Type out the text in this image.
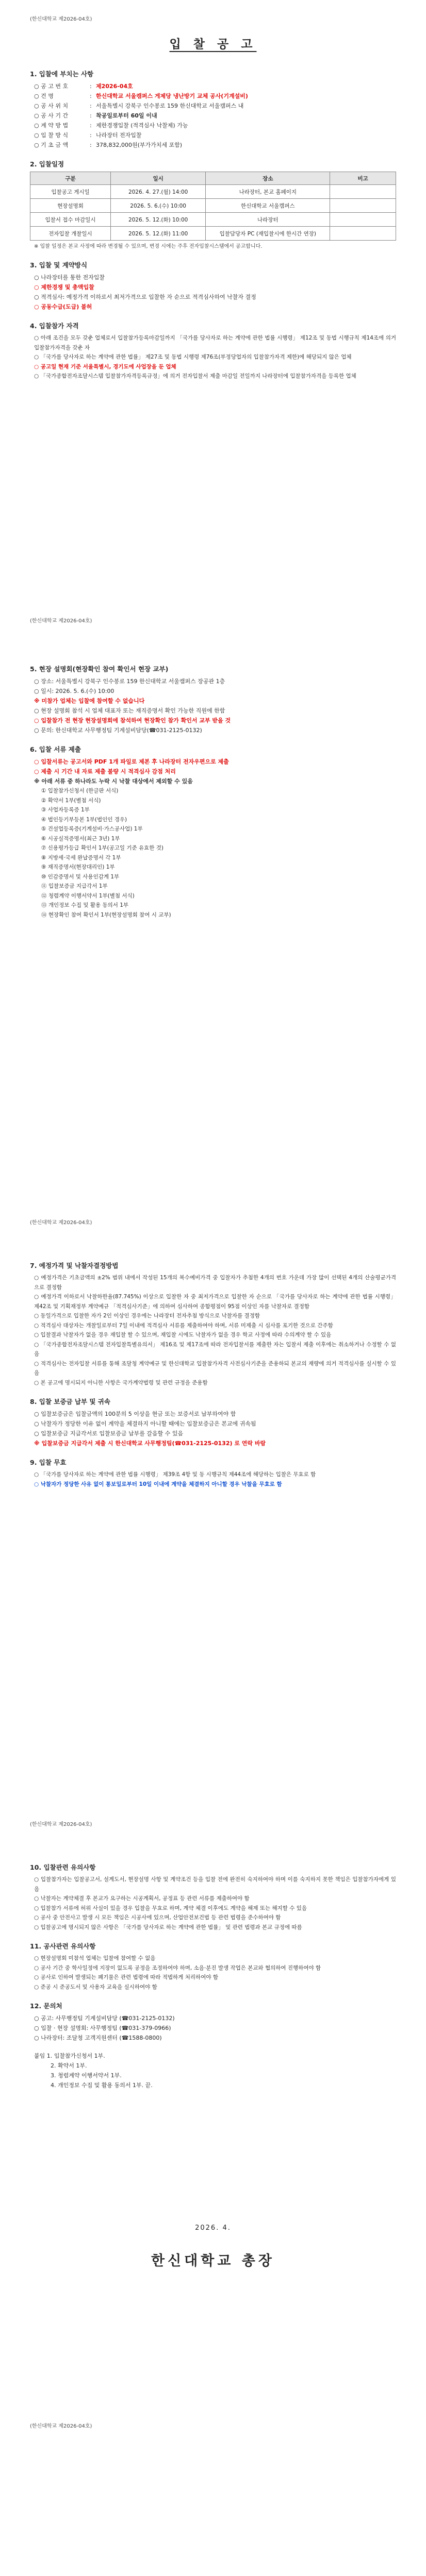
(한신대학교 제2026-04호)
입 찰 공 고
1. 입찰에 부치는 사항
○ 공 고 번 호	: 제2026-04호
○ 건 명	: 한신대학교 서울캠퍼스 게제당 냉난방기 교체 공사(기계설비)
○ 공 사 위 치	: 서울특별시 강북구 인수봉로 159 한신대학교 서울캠퍼스 내
○ 공 사 기 간	: 착공일로부터 60일 이내
○ 계 약 방 법	: 제한경쟁입찰 (적격심사 낙찰제) 가능
○ 입 찰 방 식	: 나라장터 전자입찰
○ 기 초 금 액	: 378,832,000원(부가가치세 포함)
2. 입찰일정
구분	일시	장소	비고
입찰공고 게시일	2026. 4. 27.(월) 14:00	나라장터, 본교 홈페이지	
현장설명회	2026. 5. 6.(수) 10:00	한신대학교 서울캠퍼스	
입찰서 접수 마감일시	2026. 5. 12.(화) 10:00	나라장터	
전자입찰 개찰일시	2026. 5. 12.(화) 11:00	입찰담당자 PC (재입찰시에 한시간 연장)	
※ 입찰 일정은 본교 사정에 따라 변경될 수 있으며, 변경 시에는 주후 전자입찰시스템에서 공고합니다.
3. 입찰 및 계약방식
○ 나라장터를 통한 전자입찰
○ 제한경쟁 및 총액입찰
○ 적격심사: 예정가격 이하로서 최저가격으로 입찰한 자 순으로 적격심사하여 낙찰자 결정
○ 공동수급(도급) 불허
4. 입찰참가 자격
○ 아래 조건을 모두 갖춘 업체로서 입찰참가등록마감일까지 「국가를 당사자로 하는 계약에 관한 법률 시행령」 제12조 및 동법 시행규칙 제14조에 의거 입찰참가자격을 갖춘 자
○ 「국가를 당사자로 하는 계약에 관한 법률」 제27조 및 동법 시행령 제76조(부정당업자의 입찰참가자격 제한)에 해당되지 않은 업체
○ 공고일 현재 기준 서울특별시, 경기도에 사업장을 둔 업체
○ 「국가종합전자조달시스템 입찰참가자격등록규정」에 의거 전자입찰서 제출 마감일 전일까지 나라장터에 입찰참가자격을 등록한 업체
(한신대학교 제2026-04호)
5. 현장 설명회(현장확인 참여 확인서 현장 교부)
○ 장소: 서울특별시 강북구 인수봉로 159 한신대학교 서울캠퍼스 장공관 1층
○ 일시: 2026. 5. 6.(수) 10:00
※ 미참가 업체는 입찰에 참여할 수 없습니다
○ 현장 설명회 참석 시 업체 대표자 또는 재직증명서 확인 가능한 직원에 한함
○ 입찰참가 전 현장 현장설명회에 참석하여 현장확인 참가 확인서 교부 받을 것
○ 문의: 한신대학교 사무행정팀 기계설비담당(☎031-2125-0132)
6. 입찰 서류 제출
○ 입찰서류는 공고서와 PDF 1개 파일로 제본 후 나라장터 전자우편으로 제출
○ 제출 시 기간 내 자료 제출 불량 시 적격심사 감점 처리
※ 아래 서류 중 하나라도 누락 시 낙찰 대상에서 제외할 수 있음
① 입찰참가신청서 (한글판 서식)
② 확약서 1부(별첨 서식)
③ 사업자등록증 1부
④ 법인등기부등본 1부(법인인 경우)
⑤ 건설업등록증(기계설비·가스공사업) 1부
⑥ 시공실적증명서(최근 3년) 1부
⑦ 신용평가등급 확인서 1부(공고일 기준 유효한 것)
⑧ 지방세·국세 완납증명서 각 1부
⑨ 재직증명서(현장대리인) 1부
⑩ 인감증명서 및 사용인감계 1부
⑪ 입찰보증금 지급각서 1부
⑫ 청렴계약 이행서약서 1부(별첨 서식)
⑬ 개인정보 수집 및 활용 동의서 1부
⑭ 현장확인 참여 확인서 1부(현장설명회 참여 시 교부)
(한신대학교 제2026-04호)
7. 예정가격 및 낙찰자결정방법
○ 예정가격은 기초금액의 ±2% 범위 내에서 작성된 15개의 복수예비가격 중 입찰자가 추첨한 4개의 번호 가운데 가장 많이 선택된 4개의 산술평균가격으로 결정함
○ 예정가격 이하로서 낙찰하한율(87.745%) 이상으로 입찰한 자 중 최저가격으로 입찰한 자 순으로 「국가를 당사자로 하는 계약에 관한 법률 시행령」 제42조 및 기획재정부 계약예규 「적격심사기준」에 의하여 심사하여 종합평점이 95점 이상인 자를 낙찰자로 결정함
○ 동일가격으로 입찰한 자가 2인 이상인 경우에는 나라장터 전자추첨 방식으로 낙찰자를 결정함
○ 적격심사 대상자는 개찰일로부터 7일 이내에 적격심사 서류를 제출하여야 하며, 서류 미제출 시 심사를 포기한 것으로 간주함
○ 입찰결과 낙찰자가 없을 경우 재입찰 할 수 있으며, 재입찰 시에도 낙찰자가 없을 경우 학교 사정에 따라 수의계약 할 수 있음
○ 「국가종합전자조달시스템 전자입찰특별유의서」 제16조 및 제17조에 따라 전자입찰서를 제출한 자는 입찰서 제출 이후에는 취소하거나 수정할 수 없음
○ 적격심사는 전자입찰 서류를 통해 조달청 계약예규 및 한신대학교 입찰참가자격 사전심사기준을 준용하되 본교의 재량에 의거 적격심사를 실시할 수 있음
○ 본 공고에 명시되지 아니한 사항은 국가계약법령 및 관련 규정을 준용함
8. 입찰 보증금 납부 및 귀속
○ 입찰보증금은 입찰금액의 100분의 5 이상을 현금 또는 보증서로 납부하여야 함
○ 낙찰자가 정당한 이유 없이 계약을 체결하지 아니할 때에는 입찰보증금은 본교에 귀속됨
○ 입찰보증금 지급각서로 입찰보증금 납부를 갈음할 수 있음
※ 입찰보증금 지급각서 제출 시 한신대학교 사무행정팀(☎031-2125-0132) 로 연락 바람
9. 입찰 무효
○ 「국가를 당사자로 하는 계약에 관한 법률 시행령」 제39조 4항 및 동 시행규칙 제44조에 해당하는 입찰은 무효로 함
○ 낙찰자가 정당한 사유 없이 통보일로부터 10일 이내에 계약을 체결하지 아니할 경우 낙찰을 무효로 함
(한신대학교 제2026-04호)
10. 입찰관련 유의사항
○ 입찰참가자는 입찰공고서, 설계도서, 현장설명 사항 및 계약조건 등을 입찰 전에 완전히 숙지하여야 하며 이를 숙지하지 못한 책임은 입찰참가자에게 있음
○ 낙찰자는 계약체결 후 본교가 요구하는 시공계획서, 공정표 등 관련 서류를 제출하여야 함
○ 입찰참가 서류에 허위 사실이 있을 경우 입찰을 무효로 하며, 계약 체결 이후에도 계약을 해제 또는 해지할 수 있음
○ 공사 중 안전사고 발생 시 모든 책임은 시공사에 있으며, 산업안전보건법 등 관련 법령을 준수하여야 함
○ 입찰공고에 명시되지 않은 사항은 「국가를 당사자로 하는 계약에 관한 법률」 및 관련 법령과 본교 규정에 따름
11. 공사관련 유의사항
○ 현장설명회 미참석 업체는 입찰에 참여할 수 없음
○ 공사 기간 중 학사일정에 지장이 없도록 공정을 조정하여야 하며, 소음·분진 발생 작업은 본교와 협의하여 진행하여야 함
○ 공사로 인하여 발생되는 폐기물은 관련 법령에 따라 적법하게 처리하여야 함
○ 준공 시 준공도서 및 사용자 교육을 실시하여야 함
12. 문의처
○ 공고: 사무행정팀 기계설비담당 (☎031-2125-0132)
○ 입찰 · 현장 설명회: 사무행정팀 (☎031-379-0966)
○ 나라장터: 조달청 고객지원센터 (☎1588-0800)
붙임 1. 입찰참가신청서 1부.
2. 확약서 1부.
3. 청렴계약 이행서약서 1부.
4. 개인정보 수집 및 활용 동의서 1부. 끝.
2026. 4.
한신대학교 총장
(한신대학교 제2026-04호)
